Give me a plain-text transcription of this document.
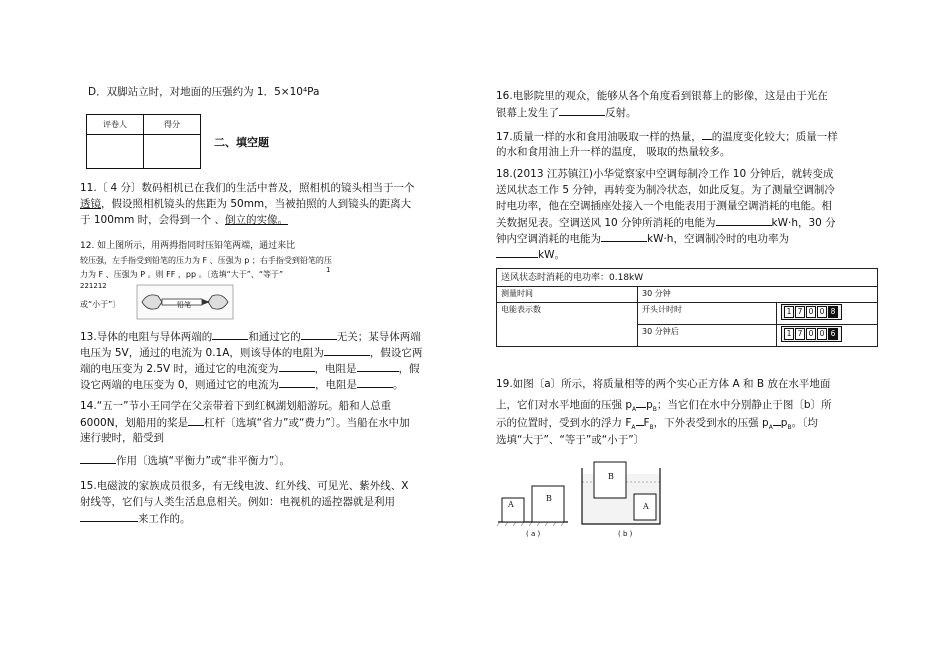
D．双脚站立时，对地面的压强约为 1．5×10⁴Pa
评卷人	得分

二、填空题
11.〔 4 分〕数码相机已在我们的生活中普及，照相机的镜头相当于一个
透镜，假设照相机镜头的焦距为 50mm，当被拍照的人到镜头的距离大
于 100mm 时，会得到一个 、倒立的实像。
12. 如上图所示，用两拇指同时压铅笔两端，通过来比
较压强，左手指受到铅笔的压力为 F 、压强为 p ；右手指受到铅笔的压
力为 F 、压强为 P 。则 FF ，pp 。〔选填“大于”、“等于”	1
221212
或“小于”〕	铅笔
13.导体的电阻与导体两端的	和通过它的	无关；某导体两端
电压为 5V，通过的电流为 0.1A，则该导体的电阻为	，假设它两
端的电压变为 2.5V 时，通过它的电流变为	，电阻是	，假
设它两端的电压变为 0，则通过它的电流为	，电阻是	。
14.“五一”节小王同学在父亲带着下到红枫湖划船游玩。船和人总重
6000N，划船用的桨是 杠杆〔选填“省力”或“费力”〕。当船在水中加
速行驶时，船受到
作用〔选填“平衡力”或“非平衡力”〕。
15.电磁波的家族成员很多，有无线电波、红外线、可见光、紫外线、X
射线等，它们与人类生活息息相关。例如：电视机的遥控器就是利用
来工作的。
16.电影院里的观众，能够从各个角度看到银幕上的影像，这是由于光在
银幕上发生了	反射。
17.质量一样的水和食用油吸取一样的热量， 的温度变化较大；质量一样
的水和食用油上升一样的温度， 吸取的热量较多。
18.(2013 江苏镇江)小华觉察家中空调每制冷工作 10 分钟后，就转变成
送风状态工作 5 分钟，再转变为制冷状态，如此反复。为了测量空调制冷
时电功率，他在空调插座处接入一个电能表用于测量空调消耗的电能。相
关数据见表。空调送风 10 分钟所消耗的电能为	kW·h，30 分
钟内空调消耗的电能为	kW·h，空调制冷时的电功率为
kW。
送风状态时消耗的电功率：0.18kW		
测量时间	30 分钟	
电能表示数	开头计时时	1 7 0 0 8
	30 分钟后	1 7 0 0 6
19.如图〔a〕所示，将质量相等的两个实心正方体 A 和 B 放在水平地面
上，它们对水平地面的压强 $p_A$ $p_B$；当它们在水中分别静止于图〔b〕所
示的位置时，受到水的浮力 $F_A$ $F_B$，下外表受到水的压强 $p_A$ $p_B$。〔均
选填“大于”、“等于”或“小于”〕
A
B
B
A
( a )	( b )
